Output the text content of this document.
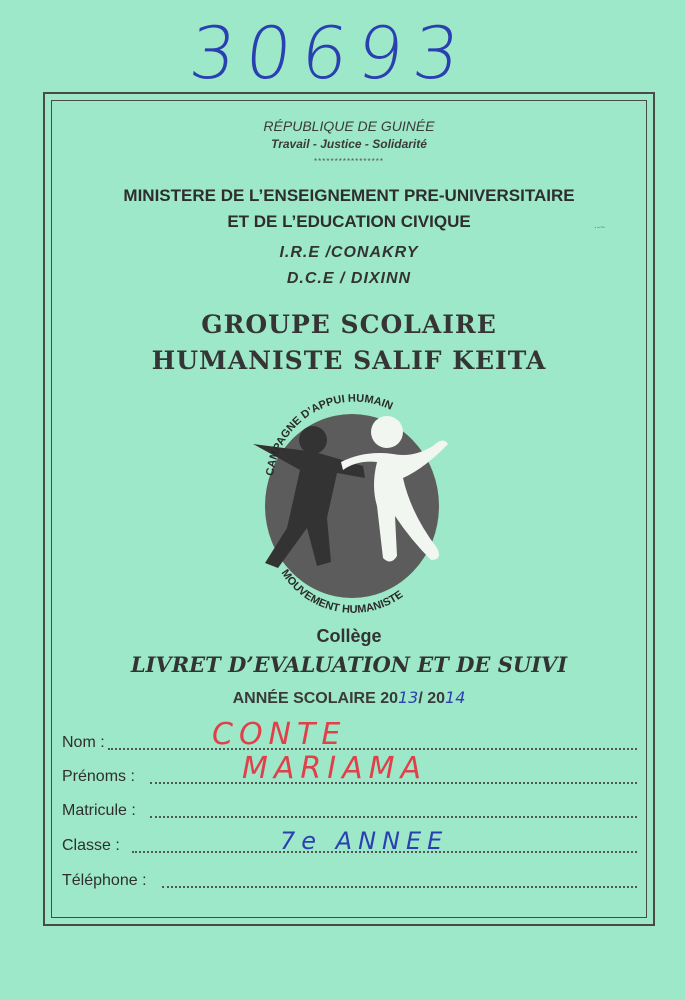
30693
RÉPUBLIQUE DE GUINÉE
Travail - Justice - Solidarité
*****************
MINISTERE DE L’ENSEIGNEMENT PRE-UNIVERSITAIRE
ET DE L’EDUCATION CIVIQUE
I.R.E /CONAKRY
D.C.E / DIXINN
·-~
GROUPE SCOLAIRE
HUMANISTE SALIF KEITA
CAMPAGNE D’APPUI HUMAIN
MOUVEMENT HUMANISTE
Collège
LIVRET D’EVALUATION ET DE SUIVI
ANNÉE SCOLAIRE 2013/ 2014
Nom :	CONTE
Prénoms :	MARIAMA
Matricule :
Classe :	7e ANNEE
Téléphone :
